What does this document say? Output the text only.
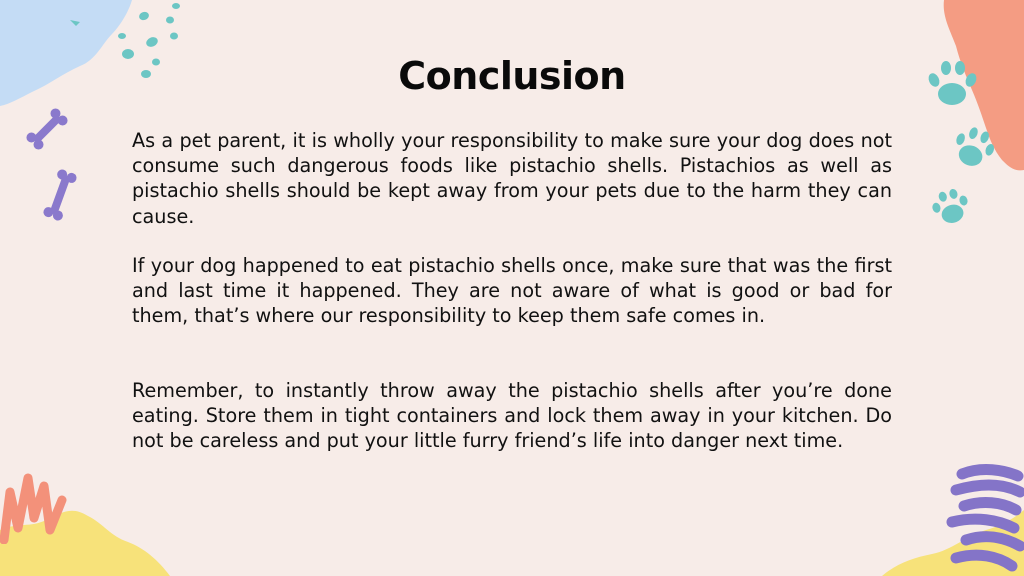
Conclusion

As a pet parent, it is wholly your responsibility to make sure your dog does not consume such dangerous foods like pistachio shells. Pistachios as well as pistachio shells should be kept away from your pets due to the harm they can cause.

If your dog happened to eat pistachio shells once, make sure that was the first and last time it happened. They are not aware of what is good or bad for them, that’s where our responsibility to keep them safe comes in.

Remember, to instantly throw away the pistachio shells after you’re done eating. Store them in tight containers and lock them away in your kitchen. Do not be careless and put your little furry friend’s life into danger next time.
